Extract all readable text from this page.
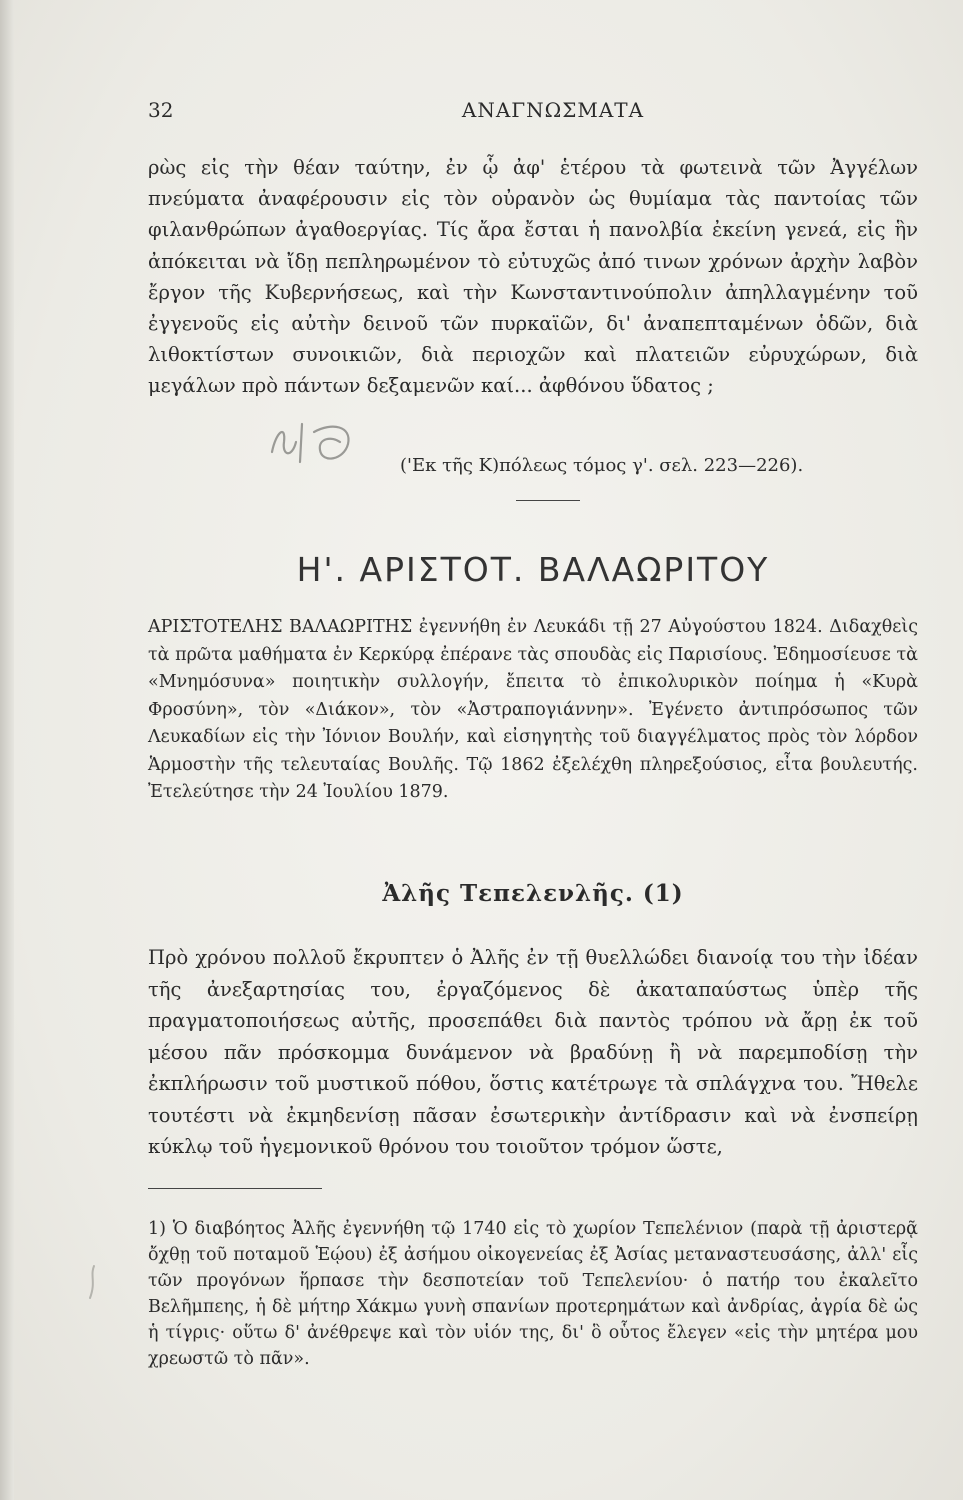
32	ΑΝΑΓΝΩΣΜΑΤΑ

ρὼς εἰς τὴν θέαν ταύτην, ἐν ᾧ ἀφ' ἑτέρου τὰ φωτεινὰ τῶν Ἀγγέλων πνεύματα ἀναφέρουσιν εἰς τὸν οὐρανὸν ὡς θυμίαμα τὰς παντοίας τῶν φιλανθρώπων ἀγαθοεργίας. Τίς ἄρα ἔσται ἡ πανολβία ἐκείνη γενεά, εἰς ἣν ἀπόκειται νὰ ἴδῃ πεπληρωμένον τὸ εὐτυχῶς ἀπό τινων χρόνων ἀρχὴν λαβὸν ἔργον τῆς Κυβερνήσεως, καὶ τὴν Κωνσταντινούπολιν ἀπηλλαγμένην τοῦ ἐγγενοῦς εἰς αὐτὴν δεινοῦ τῶν πυρκαϊῶν, δι' ἀναπεπταμένων ὁδῶν, διὰ λιθοκτίστων συνοικιῶν, διὰ περιοχῶν καὶ πλατειῶν εὐρυχώρων, διὰ μεγάλων πρὸ πάντων δεξαμενῶν καί... ἀφθόνου ὕδατος ;

('Εκ τῆς Κ)πόλεως τόμος γ'. σελ. 223—226).
Η'. ΑΡΙΣΤΟΤ. ΒΑΛΑΩΡΙΤΟΥ

ΑΡΙΣΤΟΤΕΛΗΣ ΒΑΛΑΩΡΙΤΗΣ ἐγεννήθη ἐν Λευκάδι τῇ 27 Αὐγούστου 1824. Διδαχθεὶς τὰ πρῶτα μαθήματα ἐν Κερκύρᾳ ἐπέρανε τὰς σπουδὰς εἰς Παρισίους. Ἐδημοσίευσε τὰ «Μνημόσυνα» ποιητικὴν συλλογήν, ἔπειτα τὸ ἐπικολυρικὸν ποίημα ἡ «Κυρὰ Φροσύνη», τὸν «Διάκον», τὸν «Ἀστραπογιάννην». Ἐγένετο ἀντιπρόσωπος τῶν Λευκαδίων εἰς τὴν Ἰόνιον Βουλήν, καὶ εἰσηγητὴς τοῦ διαγγέλματος πρὸς τὸν λόρδον Ἁρμοστὴν τῆς τελευταίας Βουλῆς. Τῷ 1862 ἐξελέχθη πληρεξούσιος, εἶτα βουλευτής. Ἐτελεύτησε τὴν 24 Ἰουλίου 1879.

Ἀλῆς Τεπελενλῆς. (1)

Πρὸ χρόνου πολλοῦ ἔκρυπτεν ὁ Ἀλῆς ἐν τῇ θυελλώδει διανοίᾳ του τὴν ἰδέαν τῆς ἀνεξαρτησίας του, ἐργαζόμενος δὲ ἀκαταπαύστως ὑπὲρ τῆς πραγματοποιήσεως αὐτῆς, προσεπάθει διὰ παντὸς τρόπου νὰ ἄρῃ ἐκ τοῦ μέσου πᾶν πρόσκομμα δυνάμενον νὰ βραδύνῃ ἢ νὰ παρεμποδίσῃ τὴν ἐκπλήρωσιν τοῦ μυστικοῦ πόθου, ὅστις κατέτρωγε τὰ σπλάγχνα του. Ἤθελε τουτέστι νὰ ἐκμηδενίσῃ πᾶσαν ἐσωτερικὴν ἀντίδρασιν καὶ νὰ ἐνσπείρῃ κύκλῳ τοῦ ἡγεμονικοῦ θρόνου του τοιοῦτον τρόμον ὥστε,

1) Ὁ διαβόητος Ἀλῆς ἐγεννήθη τῷ 1740 εἰς τὸ χωρίον Τεπελένιον (παρὰ τῇ ἀριστερᾷ ὄχθῃ τοῦ ποταμοῦ Ἑῴου) ἐξ ἀσήμου οἰκογενείας ἐξ Ἀσίας μεταναστευσάσης, ἀλλ' εἷς τῶν προγόνων ἥρπασε τὴν δεσποτείαν τοῦ Τεπελενίου· ὁ πατήρ του ἐκαλεῖτο Βελῆμπεης, ἡ δὲ μήτηρ Χάκμω γυνὴ σπανίων προτερημάτων καὶ ἀνδρίας, ἀγρία δὲ ὡς ἡ τίγρις· οὕτω δ' ἀνέθρεψε καὶ τὸν υἱόν της, δι' ὃ οὗτος ἔλεγεν «εἰς τὴν μητέρα μου χρεωστῶ τὸ πᾶν».
